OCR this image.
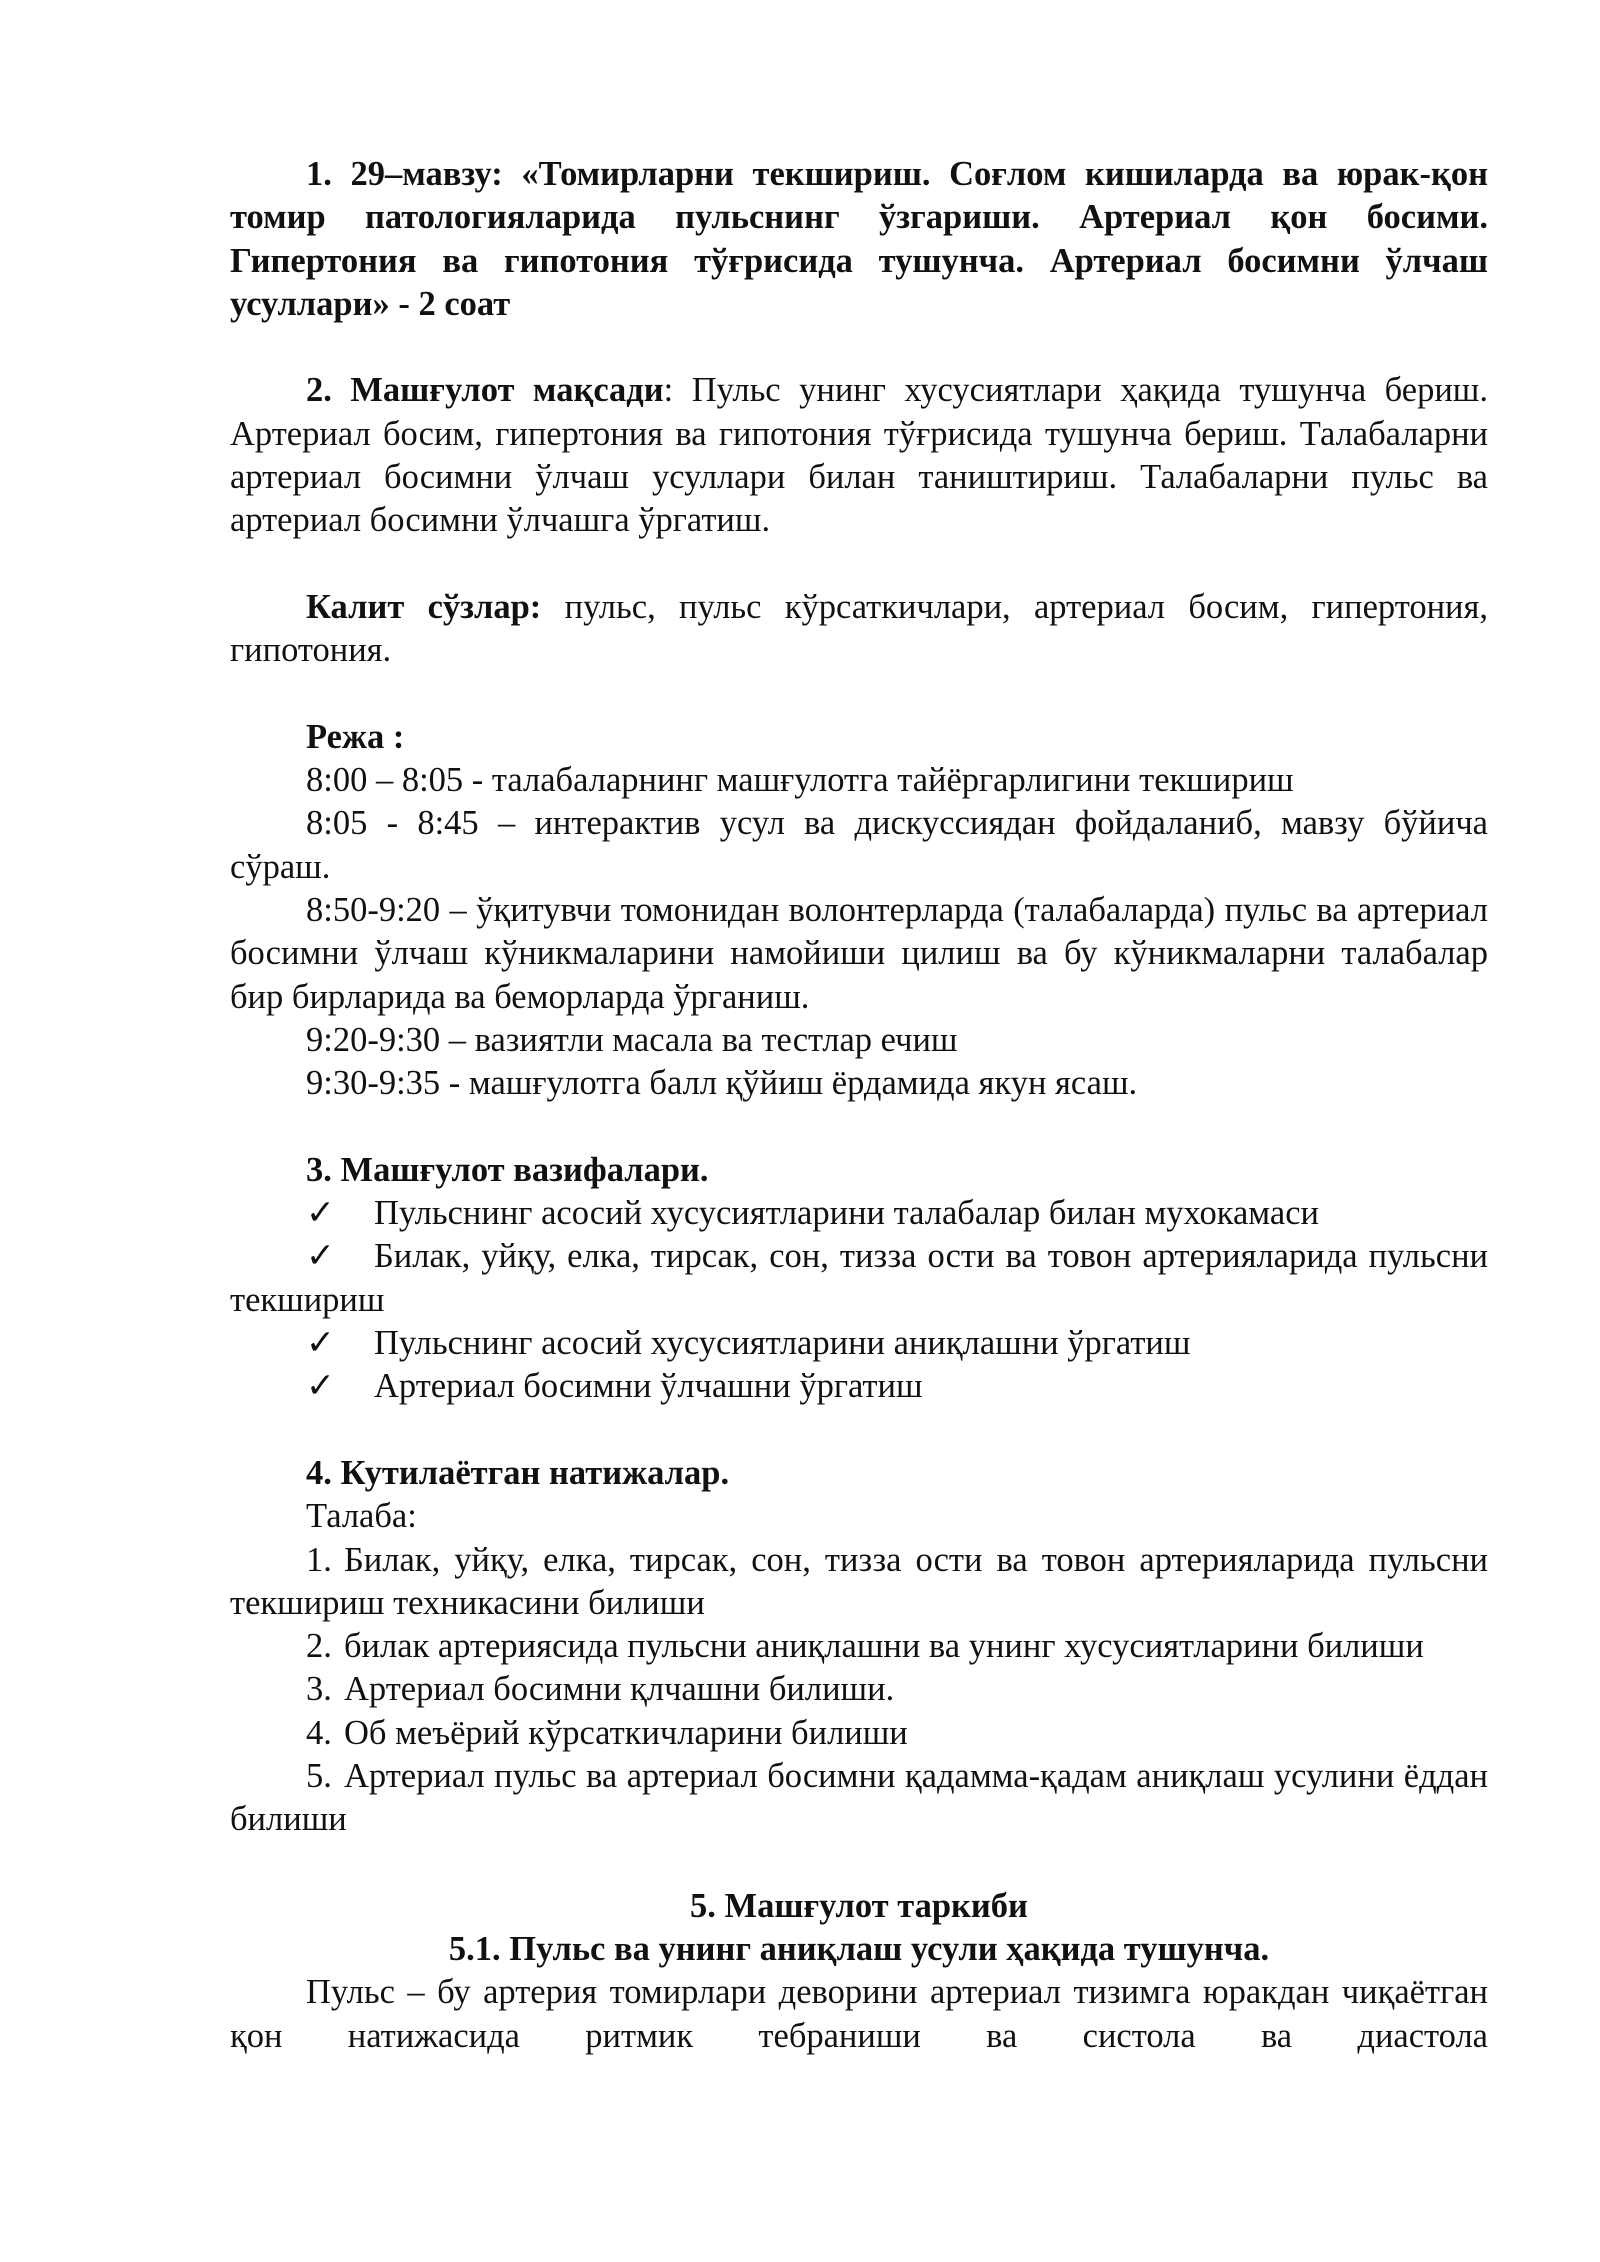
1. 29–мавзу: «Томирларни текшириш. Соғлом кишиларда ва юрак-қон томир патологияларида пульснинг ўзгариши. Артериал қон босими. Гипертония ва гипотония тўғрисида тушунча. Артериал босимни ўлчаш усуллари» - 2 соат

2. Машғулот мақсади: Пульс унинг хусусиятлари ҳақида тушунча бериш. Артериал босим, гипертония ва гипотония тўғрисида тушунча бериш. Талабаларни артериал босимни ўлчаш усуллари билан таништириш. Талабаларни пульс ва артериал босимни ўлчашга ўргатиш.

Калит сўзлар: пульс, пульс кўрсаткичлари, артериал босим, гипертония, гипотония.

Режа :

8:00 – 8:05 - талабаларнинг машғулотга тайёргарлигини текшириш

8:05 - 8:45 – интерактив усул ва дискуссиядан фойдаланиб, мавзу бўйича сўраш.

8:50-9:20 – ўқитувчи томонидан волонтерларда (талабаларда) пульс ва артериал босимни ўлчаш кўникмаларини намойиши цилиш ва бу кўникмаларни талабалар бир бирларида ва беморларда ўрганиш.

9:20-9:30 – вазиятли масала ва тестлар ечиш

9:30-9:35 - машғулотга балл қўйиш ёрдамида якун ясаш.

3. Машғулот вазифалари.

✓ Пульснинг асосий хусусиятларини талабалар билан мухокамаси

✓ Билак, уйқу, елка, тирсак, сон, тизза ости ва товон артерияларида пульсни текшириш

✓ Пульснинг асосий хусусиятларини аниқлашни ўргатиш

✓ Артериал босимни ўлчашни ўргатиш

4. Кутилаётган натижалар.

Талаба:

1. Билак, уйқу, елка, тирсак, сон, тизза ости ва товон артерияларида пульсни текшириш техникасини билиши

2. билак артериясида пульсни аниқлашни ва унинг хусусиятларини билиши

3. Артериал босимни қлчашни билиши.

4. Об меъёрий кўрсаткичларини билиши

5. Артериал пульс ва артериал босимни қадамма-қадам аниқлаш усулини ёддан билиши

5. Машғулот таркиби

5.1. Пульс ва унинг аниқлаш усули ҳақида тушунча.

Пульс – бу артерия томирлари деворини артериал тизимга юракдан чиқаётган қон натижасида ритмик тебраниши ва систола ва диастола
